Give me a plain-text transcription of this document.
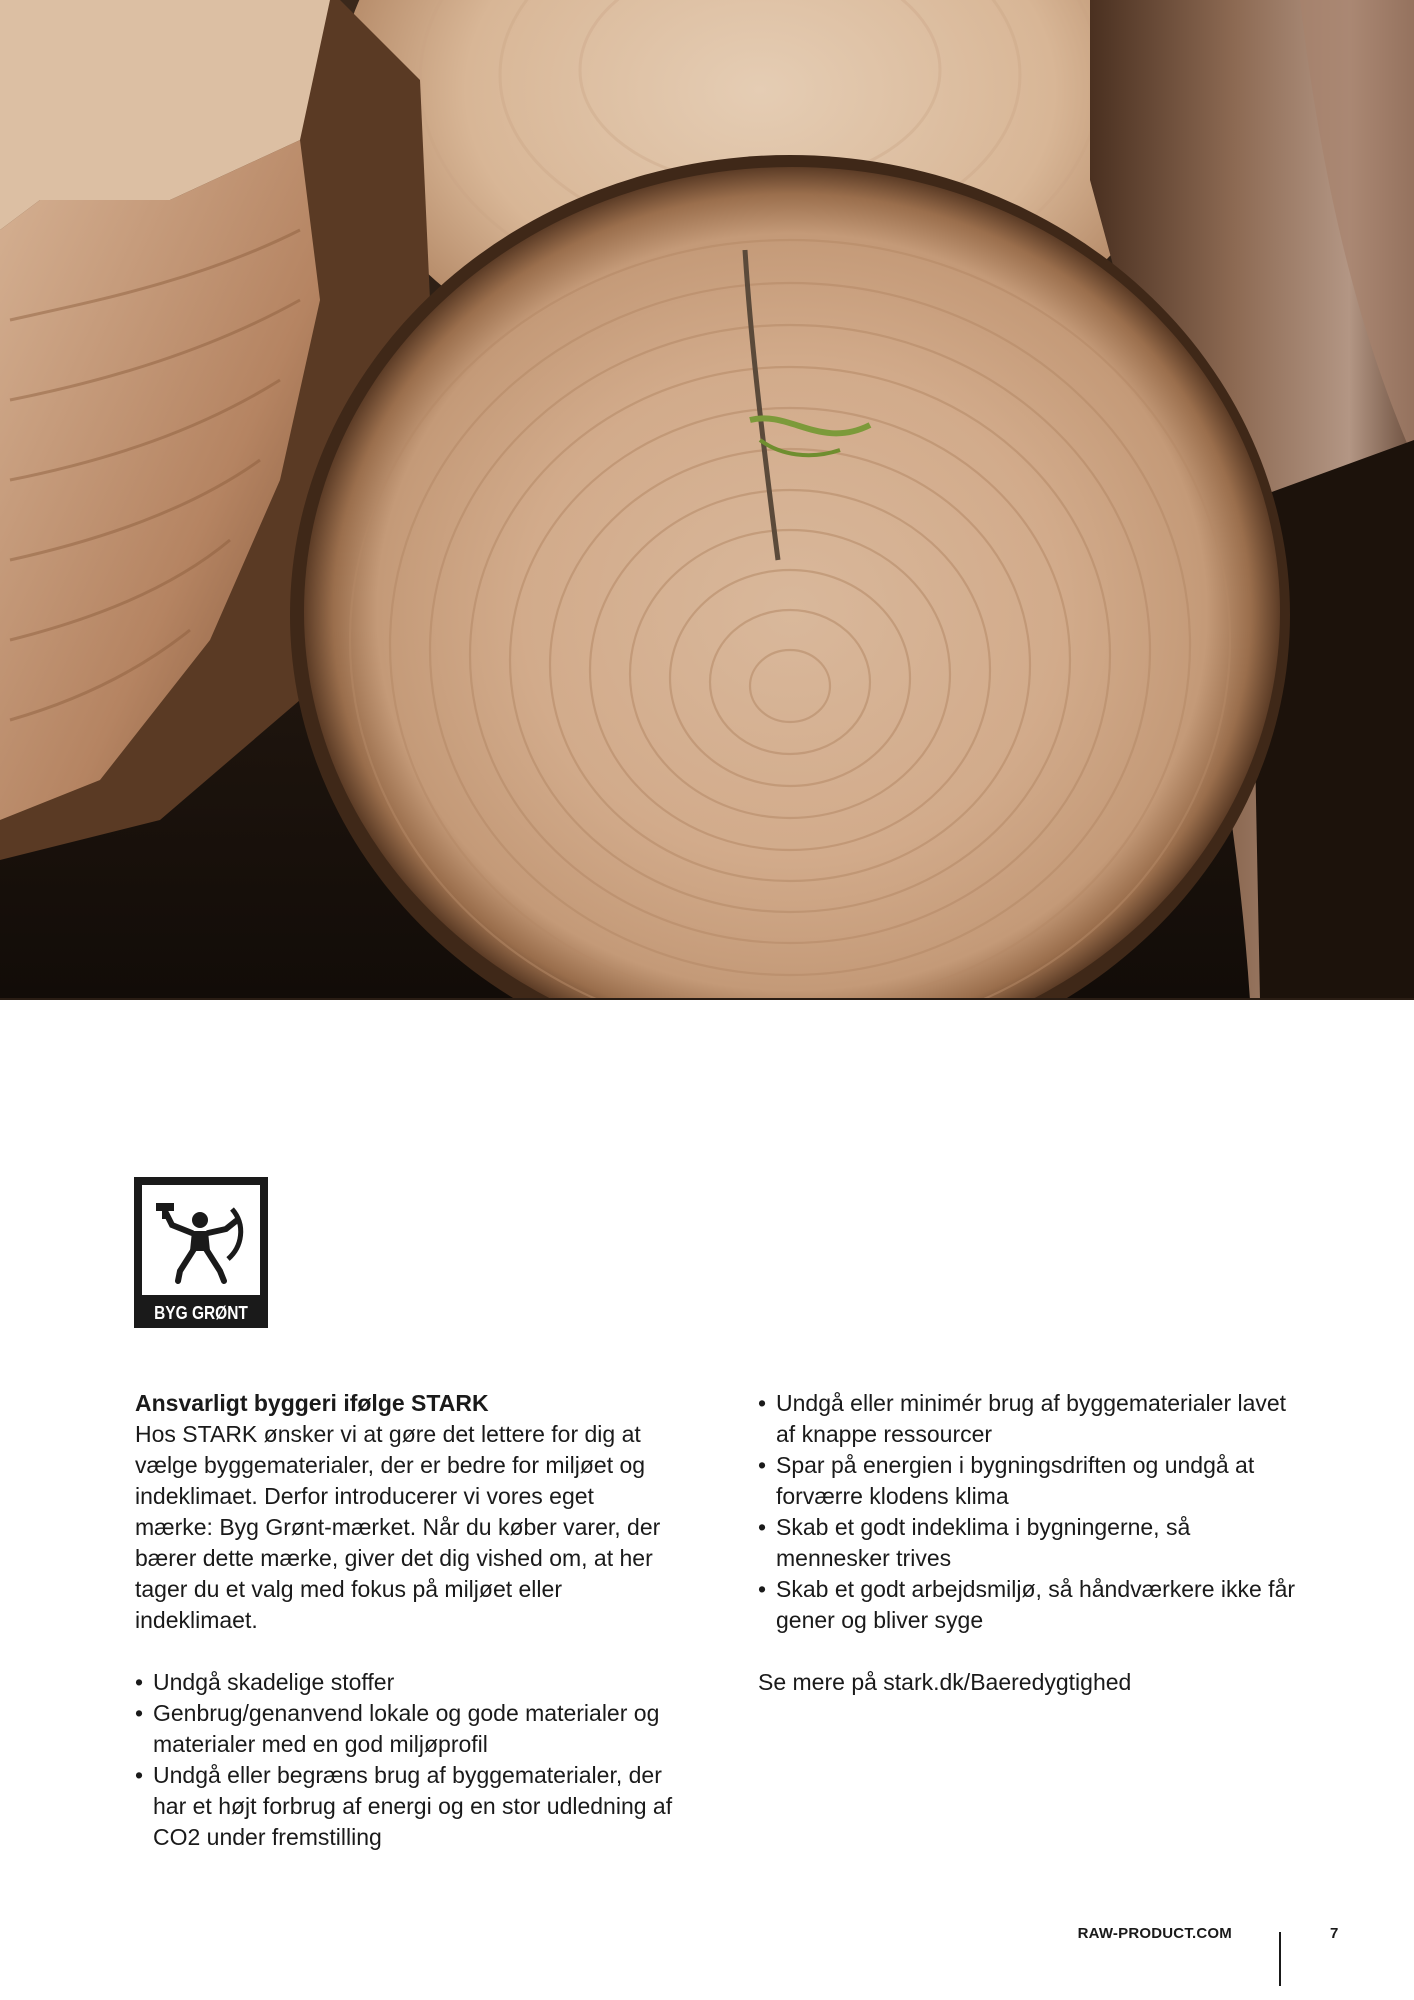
BYG GRØNT

Ansvarligt byggeri ifølge STARK

Hos STARK ønsker vi at gøre det lettere for dig at vælge byggematerialer, der er bedre for miljøet og indeklimaet. Derfor introducerer vi vores eget mærke: Byg Grønt-mærket. Når du køber varer, der bærer dette mærke, giver det dig vished om, at her tager du et valg med fokus på miljøet eller indeklimaet.

• Undgå skadelige stoffer
• Genbrug/genanvend lokale og gode materialer og materialer med en god miljøprofil
• Undgå eller begræns brug af byggematerialer, der har et højt forbrug af energi og en stor udledning af CO2 under fremstilling
• Undgå eller minimér brug af byggematerialer lavet af knappe ressourcer
• Spar på energien i bygningsdriften og undgå at forværre klodens klima
• Skab et godt indeklima i bygningerne, så mennesker trives
• Skab et godt arbejdsmiljø, så håndværkere ikke får gener og bliver syge

Se mere på stark.dk/Baeredygtighed

RAW-PRODUCT.COM	7
